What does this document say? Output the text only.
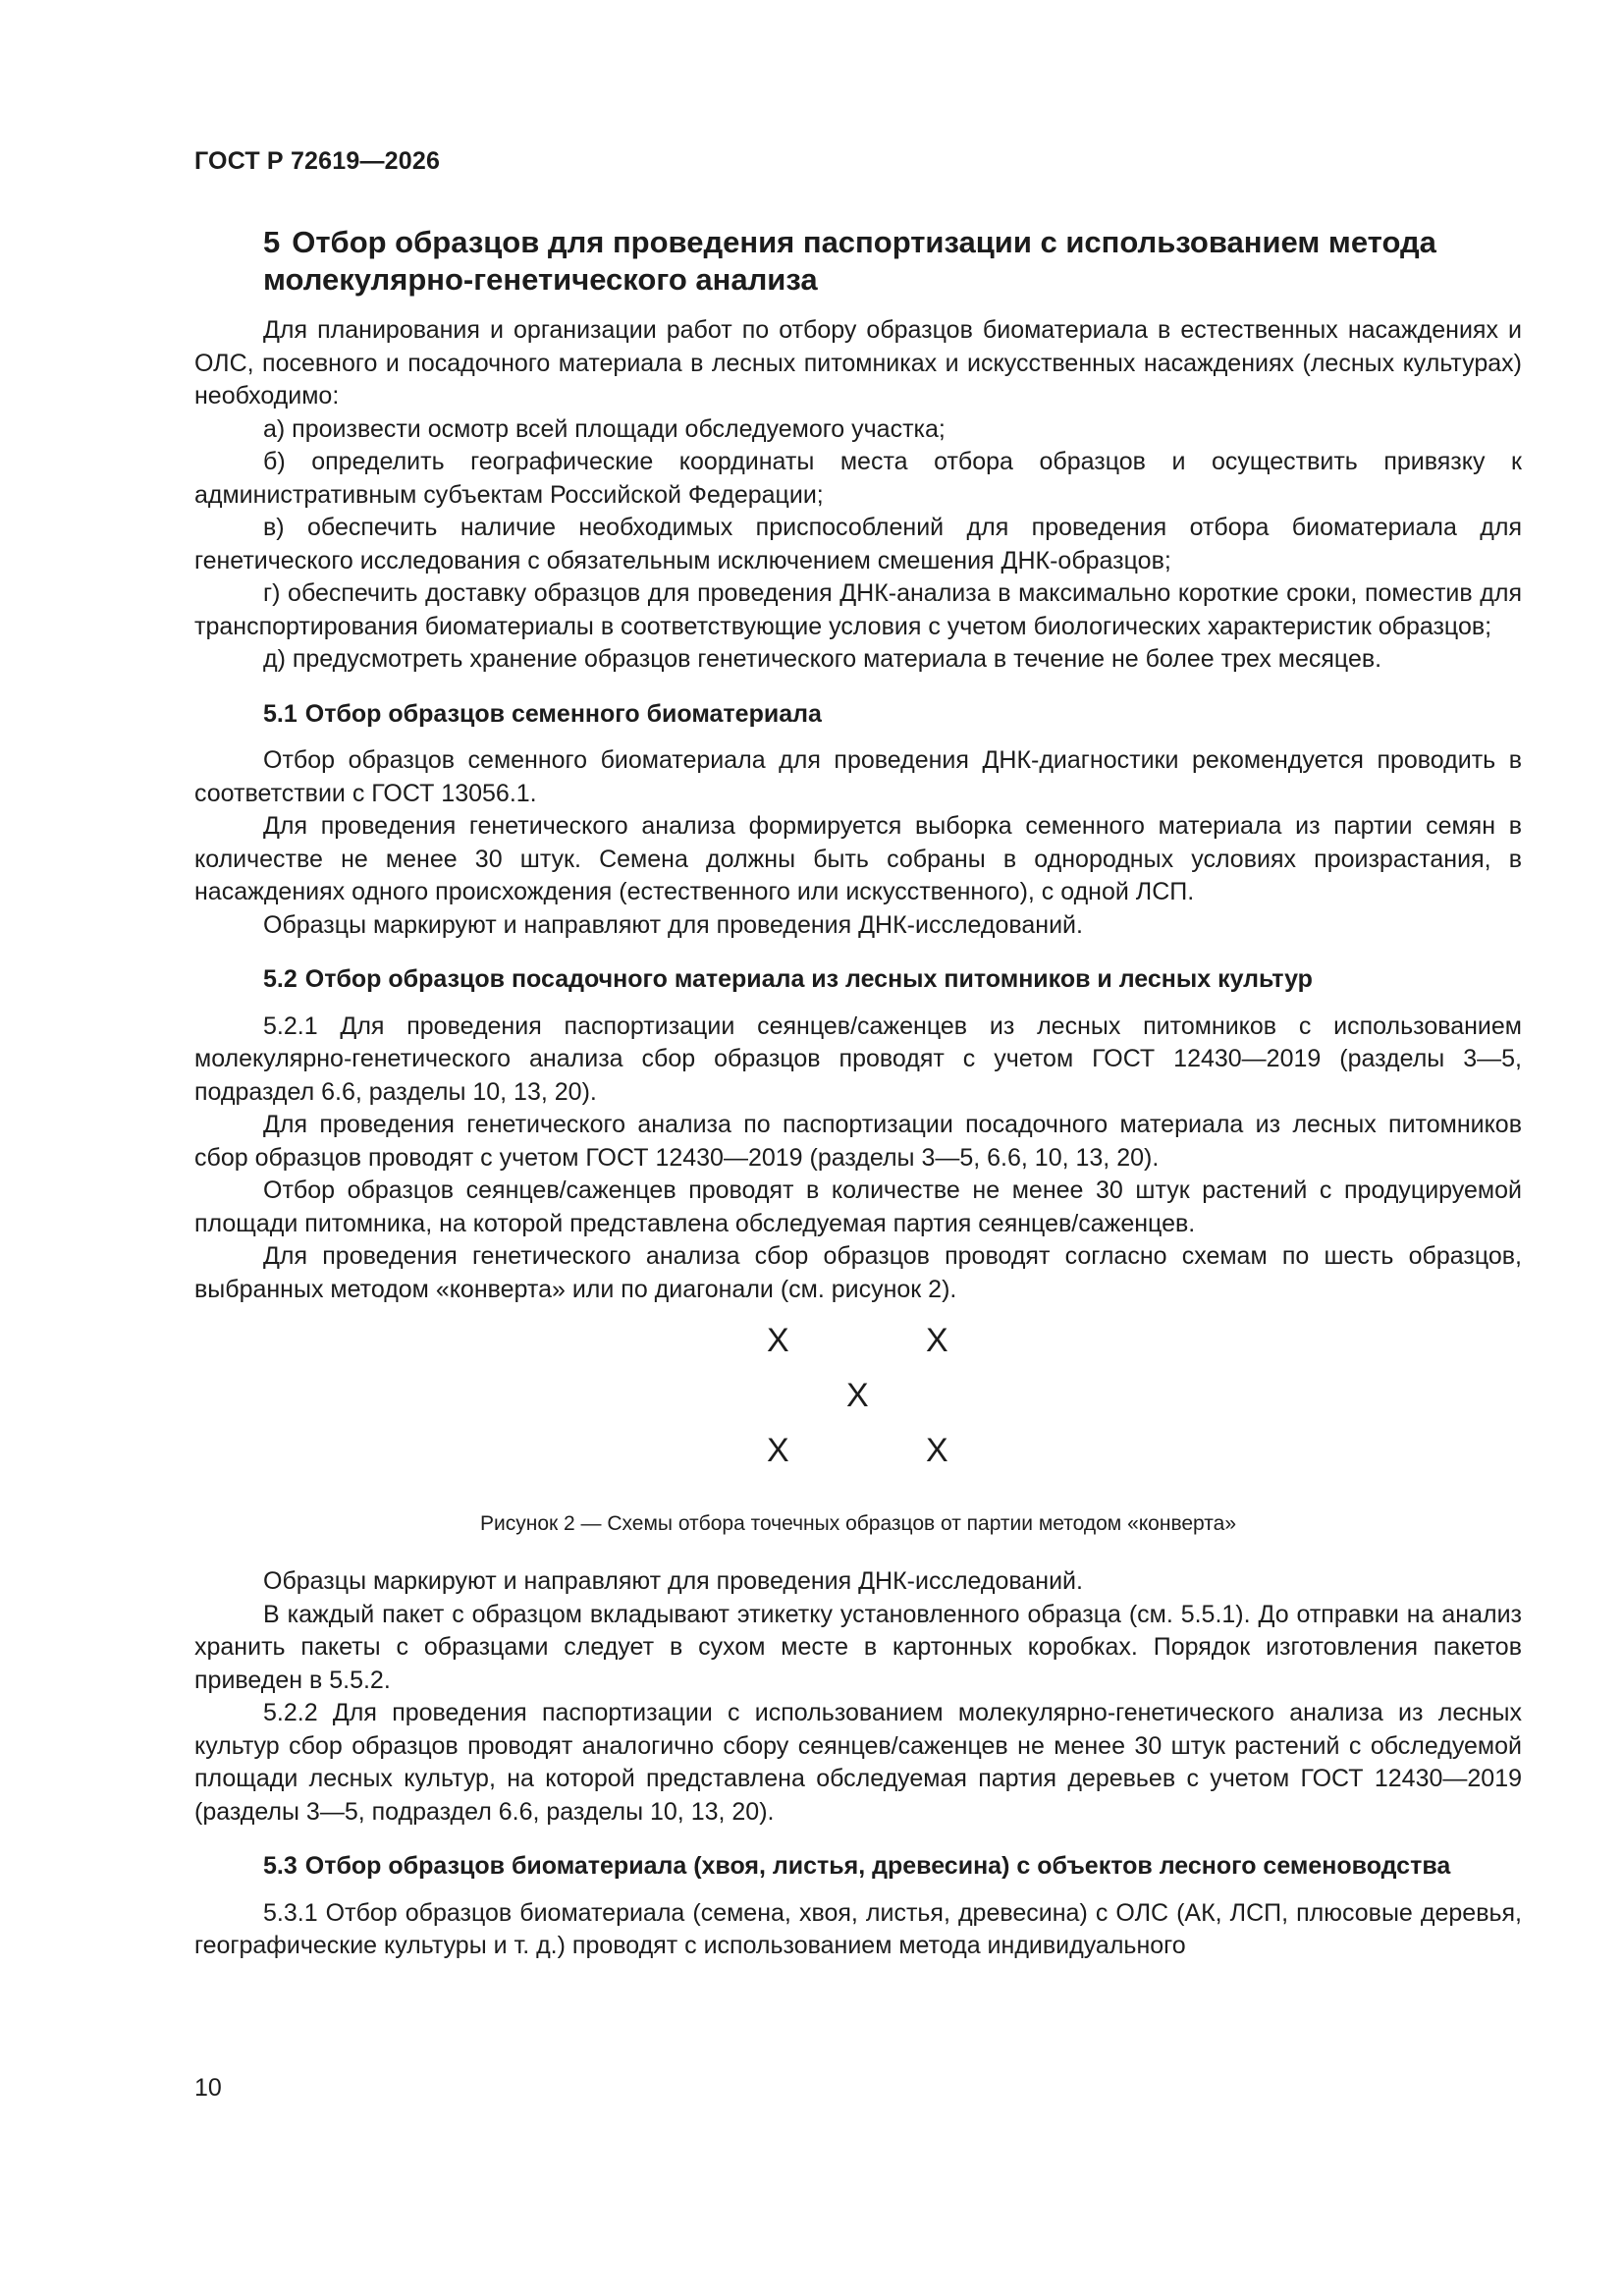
ГОСТ Р 72619—2026
5 Отбор образцов для проведения паспортизации с использованием метода молекулярно-генетического анализа

Для планирования и организации работ по отбору образцов биоматериала в естественных насаждениях и ОЛС, посевного и посадочного материала в лесных питомниках и искусственных насаждениях (лесных культурах) необходимо:

а) произвести осмотр всей площади обследуемого участка;

б) определить географические координаты места отбора образцов и осуществить привязку к административным субъектам Российской Федерации;

в) обеспечить наличие необходимых приспособлений для проведения отбора биоматериала для генетического исследования с обязательным исключением смешения ДНК-образцов;

г) обеспечить доставку образцов для проведения ДНК-анализа в максимально короткие сроки, поместив для транспортирования биоматериалы в соответствующие условия с учетом биологических характеристик образцов;

д) предусмотреть хранение образцов генетического материала в течение не более трех месяцев.

5.1 Отбор образцов семенного биоматериала

Отбор образцов семенного биоматериала для проведения ДНК-диагностики рекомендуется проводить в соответствии с ГОСТ 13056.1.

Для проведения генетического анализа формируется выборка семенного материала из партии семян в количестве не менее 30 штук. Семена должны быть собраны в однородных условиях произрастания, в насаждениях одного происхождения (естественного или искусственного), с одной ЛСП.

Образцы маркируют и направляют для проведения ДНК-исследований.

5.2 Отбор образцов посадочного материала из лесных питомников и лесных культур

5.2.1 Для проведения паспортизации сеянцев/саженцев из лесных питомников с использованием молекулярно-генетического анализа сбор образцов проводят с учетом ГОСТ 12430—2019 (разделы 3—5, подраздел 6.6, разделы 10, 13, 20).

Для проведения генетического анализа по паспортизации посадочного материала из лесных питомников сбор образцов проводят с учетом ГОСТ 12430—2019 (разделы 3—5, 6.6, 10, 13, 20).

Отбор образцов сеянцев/саженцев проводят в количестве не менее 30 штук растений с продуцируемой площади питомника, на которой представлена обследуемая партия сеянцев/саженцев.

Для проведения генетического анализа сбор образцов проводят согласно схемам по шесть образцов, выбранных методом «конверта» или по диагонали (см. рисунок 2).

X	X
X
X	X
Рисунок 2 — Схемы отбора точечных образцов от партии методом «конверта»

Образцы маркируют и направляют для проведения ДНК-исследований.

В каждый пакет с образцом вкладывают этикетку установленного образца (см. 5.5.1). До отправки на анализ хранить пакеты с образцами следует в сухом месте в картонных коробках. Порядок изготовления пакетов приведен в 5.5.2.

5.2.2 Для проведения паспортизации с использованием молекулярно-генетического анализа из лесных культур сбор образцов проводят аналогично сбору сеянцев/саженцев не менее 30 штук растений с обследуемой площади лесных культур, на которой представлена обследуемая партия деревьев с учетом ГОСТ 12430—2019 (разделы 3—5, подраздел 6.6, разделы 10, 13, 20).

5.3 Отбор образцов биоматериала (хвоя, листья, древесина) с объектов лесного семеноводства

5.3.1 Отбор образцов биоматериала (семена, хвоя, листья, древесина) с ОЛС (АК, ЛСП, плюсовые деревья, географические культуры и т. д.) проводят с использованием метода индивидуального

10
